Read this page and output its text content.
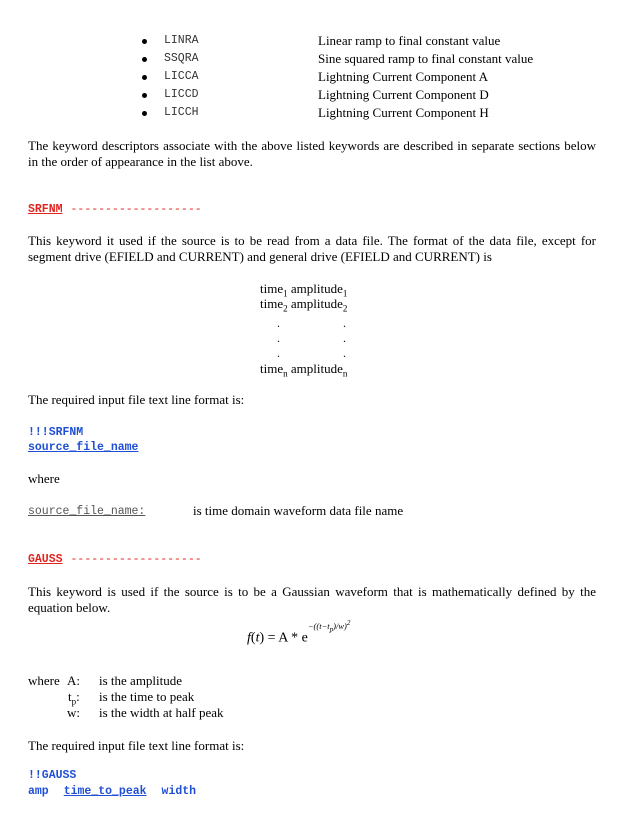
LINRA	Linear ramp to final constant value
SSQRA	Sine squared ramp to final constant value
LICCA	Lightning Current Component A
LICCD	Lightning Current Component D
LICCH	Lightning Current Component H
The keyword descriptors associate with the above listed keywords are described in separate sections below in the order of appearance in the list above.
SRFNM -------------------
This keyword it used if the source is to be read from a data file. The format of the data file, except for segment drive (EFIELD and CURRENT) and general drive (EFIELD and CURRENT) is
time$_1$ amplitude$_1$
time$_2$ amplitude$_2$
.	.
.	.
.	.
time$_n$ amplitude$_n$
The required input file text line format is:
!!!SRFNM
source_file_name
where
source_file_name:	is time domain waveform data file name
GAUSS -------------------
This keyword is used if the source is to be a Gaussian waveform that is mathematically defined by the equation below.
$f(t) = A * e^{-((t-t_p)/w)^2}$
where A: is the amplitude
$t_p$: is the time to peak
w: is the width at half peak
The required input file text line format is:
!!GAUSS
amp time_to_peak width
